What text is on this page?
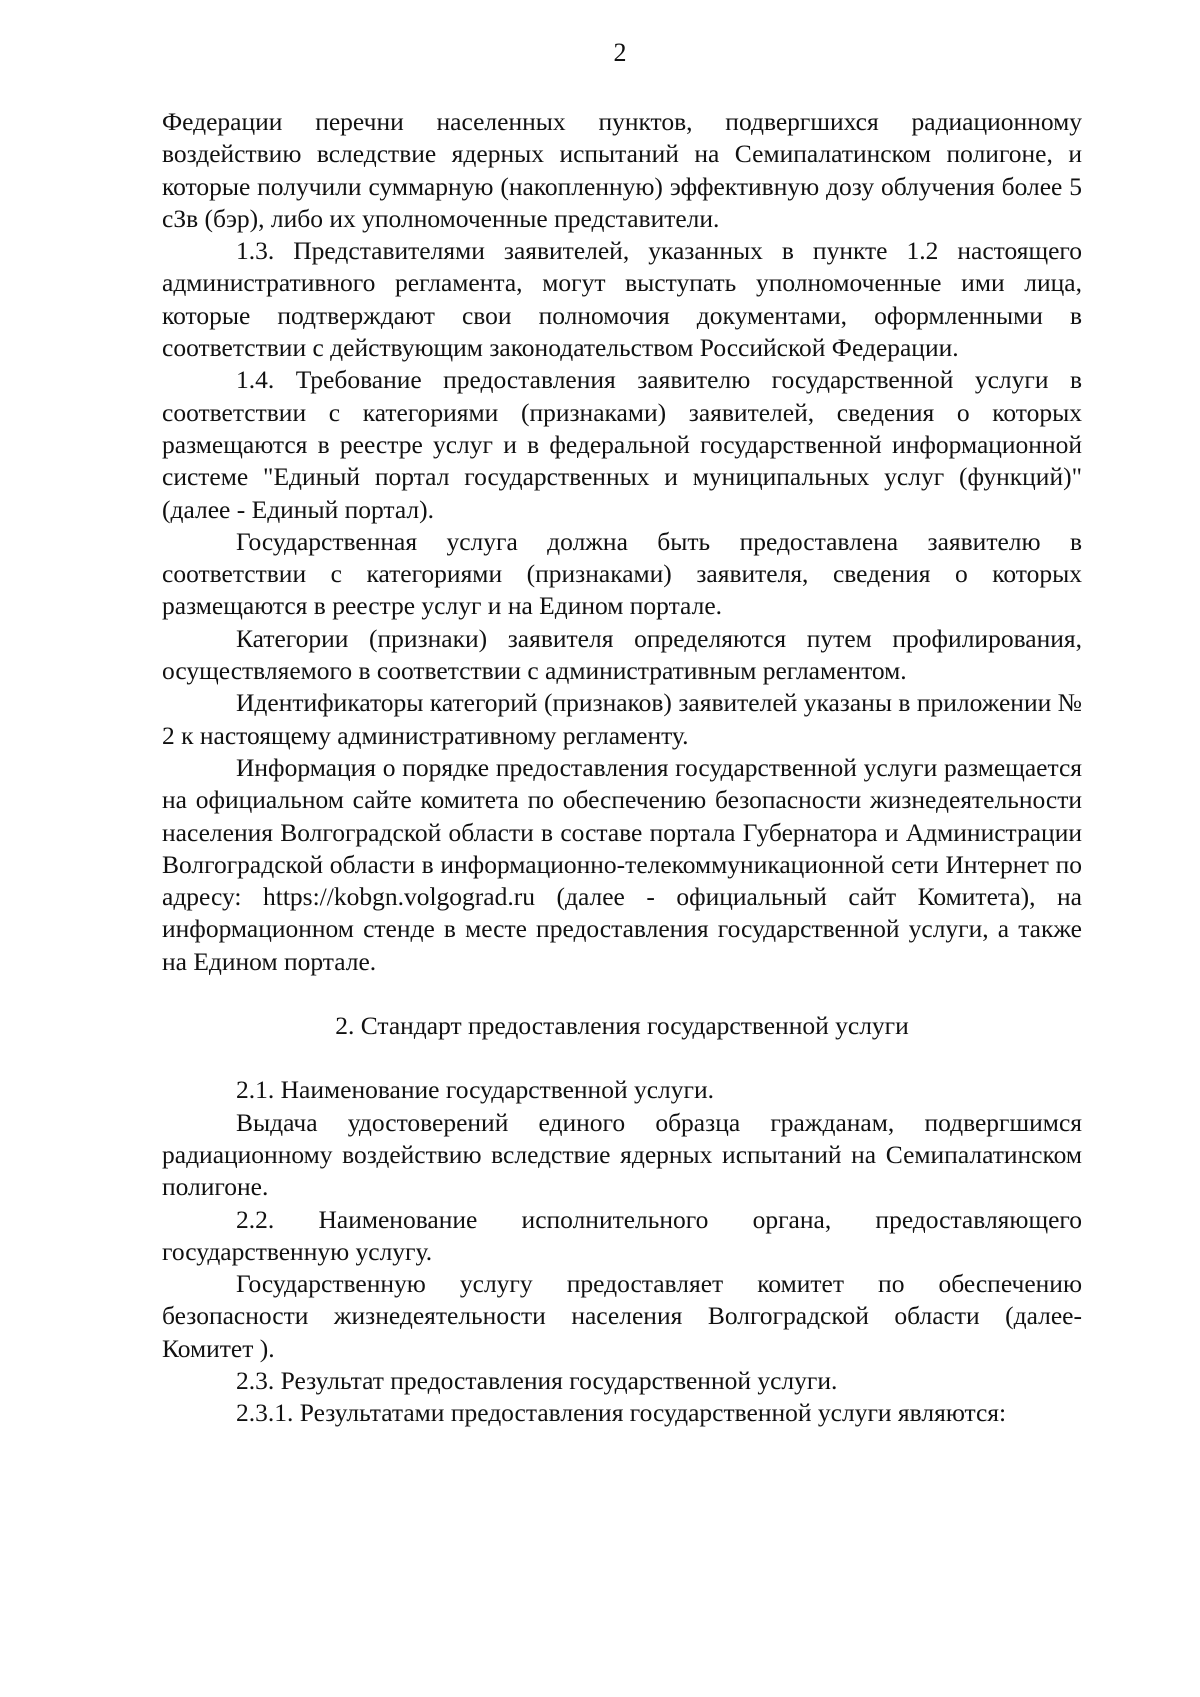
2

Федерации перечни населенных пунктов, подвергшихся радиационному воздействию вследствие ядерных испытаний на Семипалатинском полигоне, и которые получили суммарную (накопленную) эффективную дозу облучения более 5 сЗв (бэр), либо их уполномоченные представители.

1.3. Представителями заявителей, указанных в пункте 1.2 настоящего административного регламента, могут выступать уполномоченные ими лица, которые подтверждают свои полномочия документами, оформленными в соответствии с действующим законодательством Российской Федерации.

1.4. Требование предоставления заявителю государственной услуги в соответствии с категориями (признаками) заявителей, сведения о которых размещаются в реестре услуг и в федеральной государственной информационной системе "Единый портал государственных и муниципальных услуг (функций)" (далее - Единый портал).

Государственная услуга должна быть предоставлена заявителю в соответствии с категориями (признаками) заявителя, сведения о которых размещаются в реестре услуг и на Едином портале.

Категории (признаки) заявителя определяются путем профилирования, осуществляемого в соответствии с административным регламентом.

Идентификаторы категорий (признаков) заявителей указаны в приложении № 2 к настоящему административному регламенту.

Информация о порядке предоставления государственной услуги размещается на официальном сайте комитета по обеспечению безопасности жизнедеятельности населения Волгоградской области в составе портала Губернатора и Администрации Волгоградской области в информационно-телекоммуникационной сети Интернет по адресу: https://kobgn.volgograd.ru (далее - официальный сайт Комитета), на информационном стенде в месте предоставления государственной услуги, а также на Едином портале.

2. Стандарт предоставления государственной услуги

2.1. Наименование государственной услуги.

Выдача удостоверений единого образца гражданам, подвергшимся радиационному воздействию вследствие ядерных испытаний на Семипалатинском полигоне.

2.2. Наименование исполнительного органа, предоставляющего государственную услугу.

Государственную услугу предоставляет комитет по обеспечению безопасности жизнедеятельности населения Волгоградской области (далее- Комитет ).

2.3. Результат предоставления государственной услуги.

2.3.1. Результатами предоставления государственной услуги являются:
